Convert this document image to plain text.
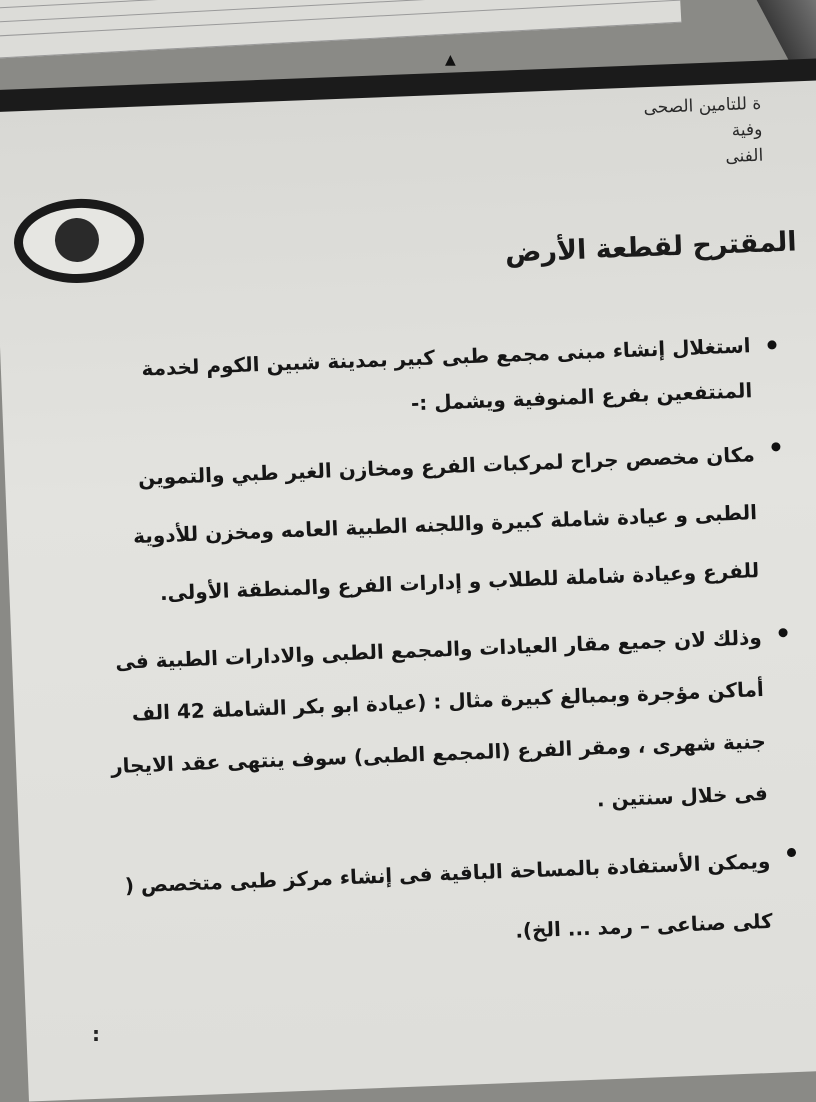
ة للتامين الصحى
وفية
الفنى
المقترح لقطعة الأرض
استغلال إنشاء مبنى مجمع طبى كبير بمدينة شبين الكوم لخدمة المنتفعين بفرع المنوفية ويشمل :-
مكان مخصص جراح لمركبات الفرع ومخازن الغير طبي والتموين الطبى و عيادة شاملة كبيرة واللجنه الطبية العامه ومخزن للأدوية للفرع وعيادة شاملة للطلاب و إدارات الفرع والمنطقة الأولى.
وذلك لان جميع مقار العيادات والمجمع الطبى والادارات الطبية فى أماكن مؤجرة وبمبالغ كبيرة مثال : (عيادة ابو بكر الشاملة 42 الف جنية شهرى ، ومقر الفرع (المجمع الطبى) سوف ينتهى عقد الايجار فى خلال سنتين .
ويمكن الأستفادة بالمساحة الباقية فى إنشاء مركز طبى متخصص ( كلى صناعى – رمد ... الخ).
▲
:
